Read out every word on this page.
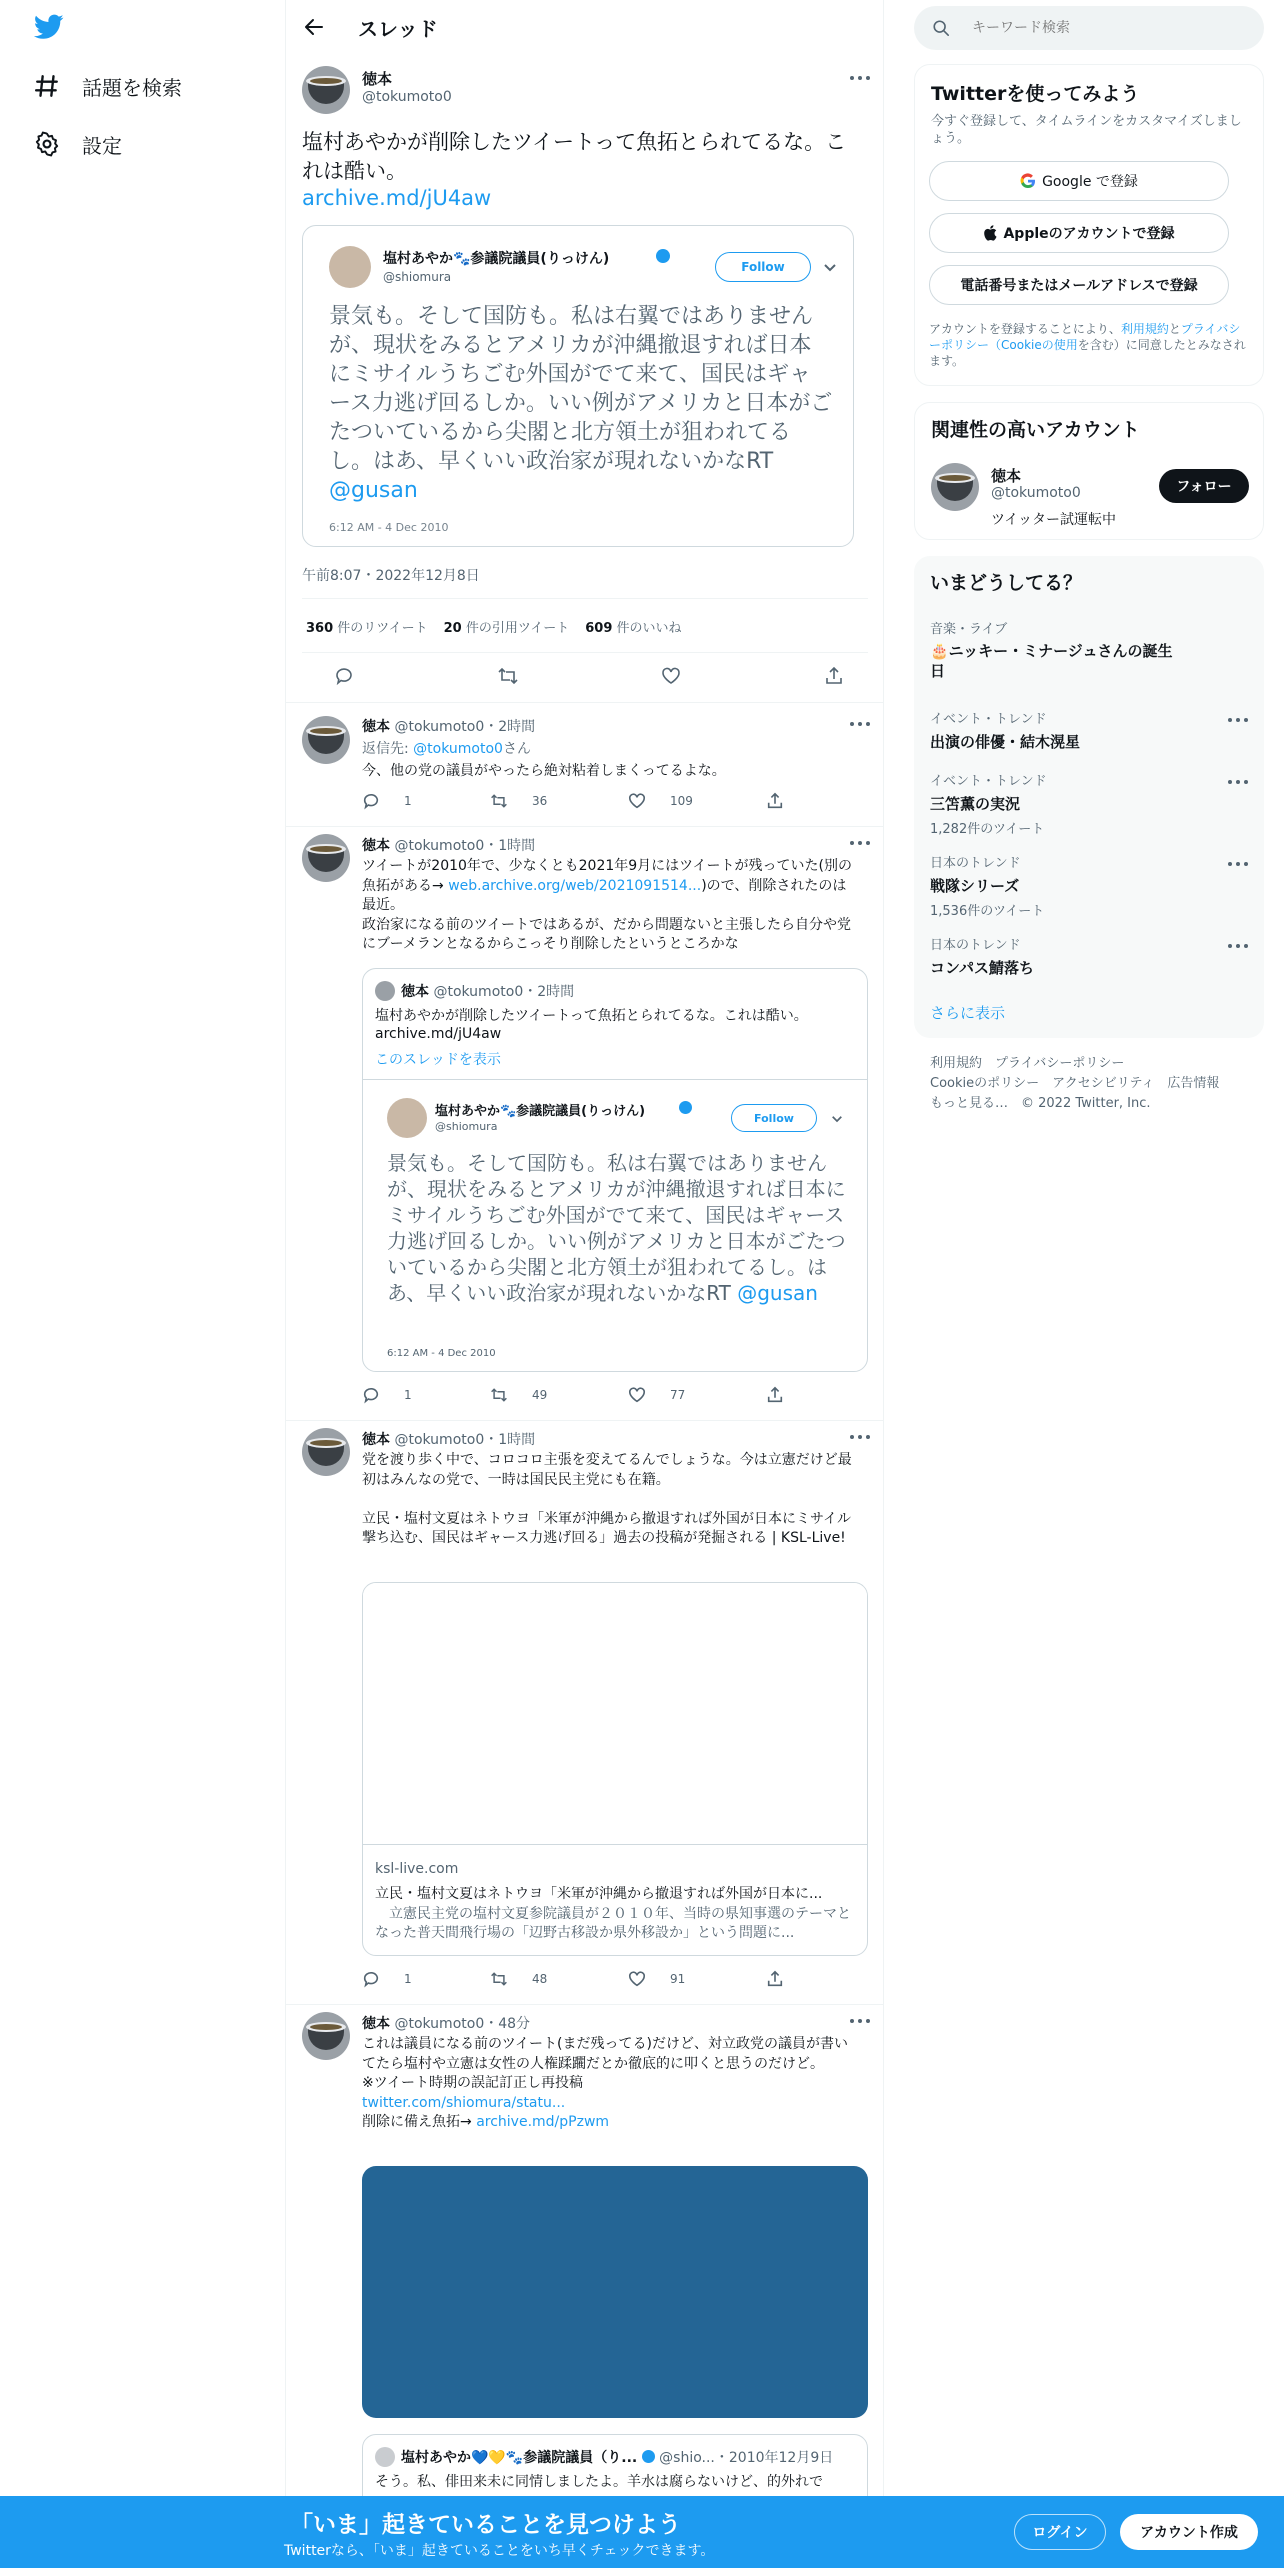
話題を検索
設定
スレッド
徳本
@tokumoto0
塩村あやかが削除したツイートって魚拓とられてるな。これは酷い。
archive.md/jU4aw
塩村あやか🐾参議院議員(りっけん)
@shiomura
Follow
景気も。そして国防も。私は右翼ではありませんが、現状をみるとアメリカが沖縄撤退すれば日本にミサイルうちごむ外国がでて来て、国民はギャース力逃げ回るしか。いい例がアメリカと日本がごたついているから尖閣と北方領土が狙われてるし。はあ、早くいい政治家が現れないかなRT @gusan
6:12 AM - 4 Dec 2010
午前8:07・2022年12月8日
360 件のリツイート 20 件の引用ツイート 609 件のいいね
徳本 @tokumoto0・2時間
返信先: @tokumoto0さん
今、他の党の議員がやったら絶対粘着しまくってるよな。
1	36	109
徳本 @tokumoto0・1時間
ツイートが2010年で、少なくとも2021年9月にはツイートが残っていた(別の魚拓がある→ web.archive.org/web/2021091514...)ので、削除されたのは最近。
政治家になる前のツイートではあるが、だから問題ないと主張したら自分や党にブーメランとなるからこっそり削除したというところかな
徳本 @tokumoto0・2時間
塩村あやかが削除したツイートって魚拓とられてるな。これは酷い。
archive.md/jU4aw
このスレッドを表示
塩村あやか🐾参議院議員(りっけん)
@shiomura
Follow
景気も。そして国防も。私は右翼ではありませんが、現状をみるとアメリカが沖縄撤退すれば日本にミサイルうちごむ外国がでて来て、国民はギャース力逃げ回るしか。いい例がアメリカと日本がごたついているから尖閣と北方領土が狙われてるし。はあ、早くいい政治家が現れないかなRT @gusan
6:12 AM - 4 Dec 2010
1	49	77
徳本 @tokumoto0・1時間
党を渡り歩く中で、コロコロ主張を変えてるんでしょうな。今は立憲だけど最初はみんなの党で、一時は国民民主党にも在籍。

立民・塩村文夏はネトウヨ「米軍が沖縄から撤退すれば外国が日本にミサイル撃ち込む、国民はギャース力逃げ回る」過去の投稿が発掘される | KSL-Live!
ksl-live.com
立民・塩村文夏はネトウヨ「米軍が沖縄から撤退すれば外国が日本に...
立憲民主党の塩村文夏参院議員が２０１０年、当時の県知事選のテーマとなった普天間飛行場の「辺野古移設か県外移設か」という問題に...
1	48	91
徳本 @tokumoto0・48分
これは議員になる前のツイート(まだ残ってる)だけど、対立政党の議員が書いてたら塩村や立憲は女性の人権蹂躙だとか徹底的に叩くと思うのだけど。
※ツイート時期の誤記訂正し再投稿
twitter.com/shiomura/statu...
削除に備え魚拓→ archive.md/pPzwm
塩村あやか💙💛🐾参議院議員（り... @shio...・2010年12月9日
そう。私、俳田来未に同情しましたよ。羊水は腐らないけど、的外れで
キーワード検索
Twitterを使ってみよう
今すぐ登録して、タイムラインをカスタマイズしましょう。
Google で登録
Appleのアカウントで登録
電話番号またはメールアドレスで登録
アカウントを登録することにより、利用規約とプライバシーポリシー（Cookieの使用を含む）に同意したとみなされます。
関連性の高いアカウント
徳本
@tokumoto0
ツイッター試運転中
フォロー
いまどうしてる？
音楽・ライブ
🎂ニッキー・ミナージュさんの誕生日
イベント・トレンド
出演の俳優・結木滉星
イベント・トレンド
三笘薫の実況
1,282件のツイート
日本のトレンド
戦隊シリーズ
1,536件のツイート
日本のトレンド
コンパス鯖落ち
さらに表示
利用規約　プライバシーポリシー
Cookieのポリシー　アクセシビリティ　広告情報
もっと見る…　© 2022 Twitter, Inc.
「いま」起きていることを見つけよう
Twitterなら、「いま」起きていることをいち早くチェックできます。
ログイン	アカウント作成
